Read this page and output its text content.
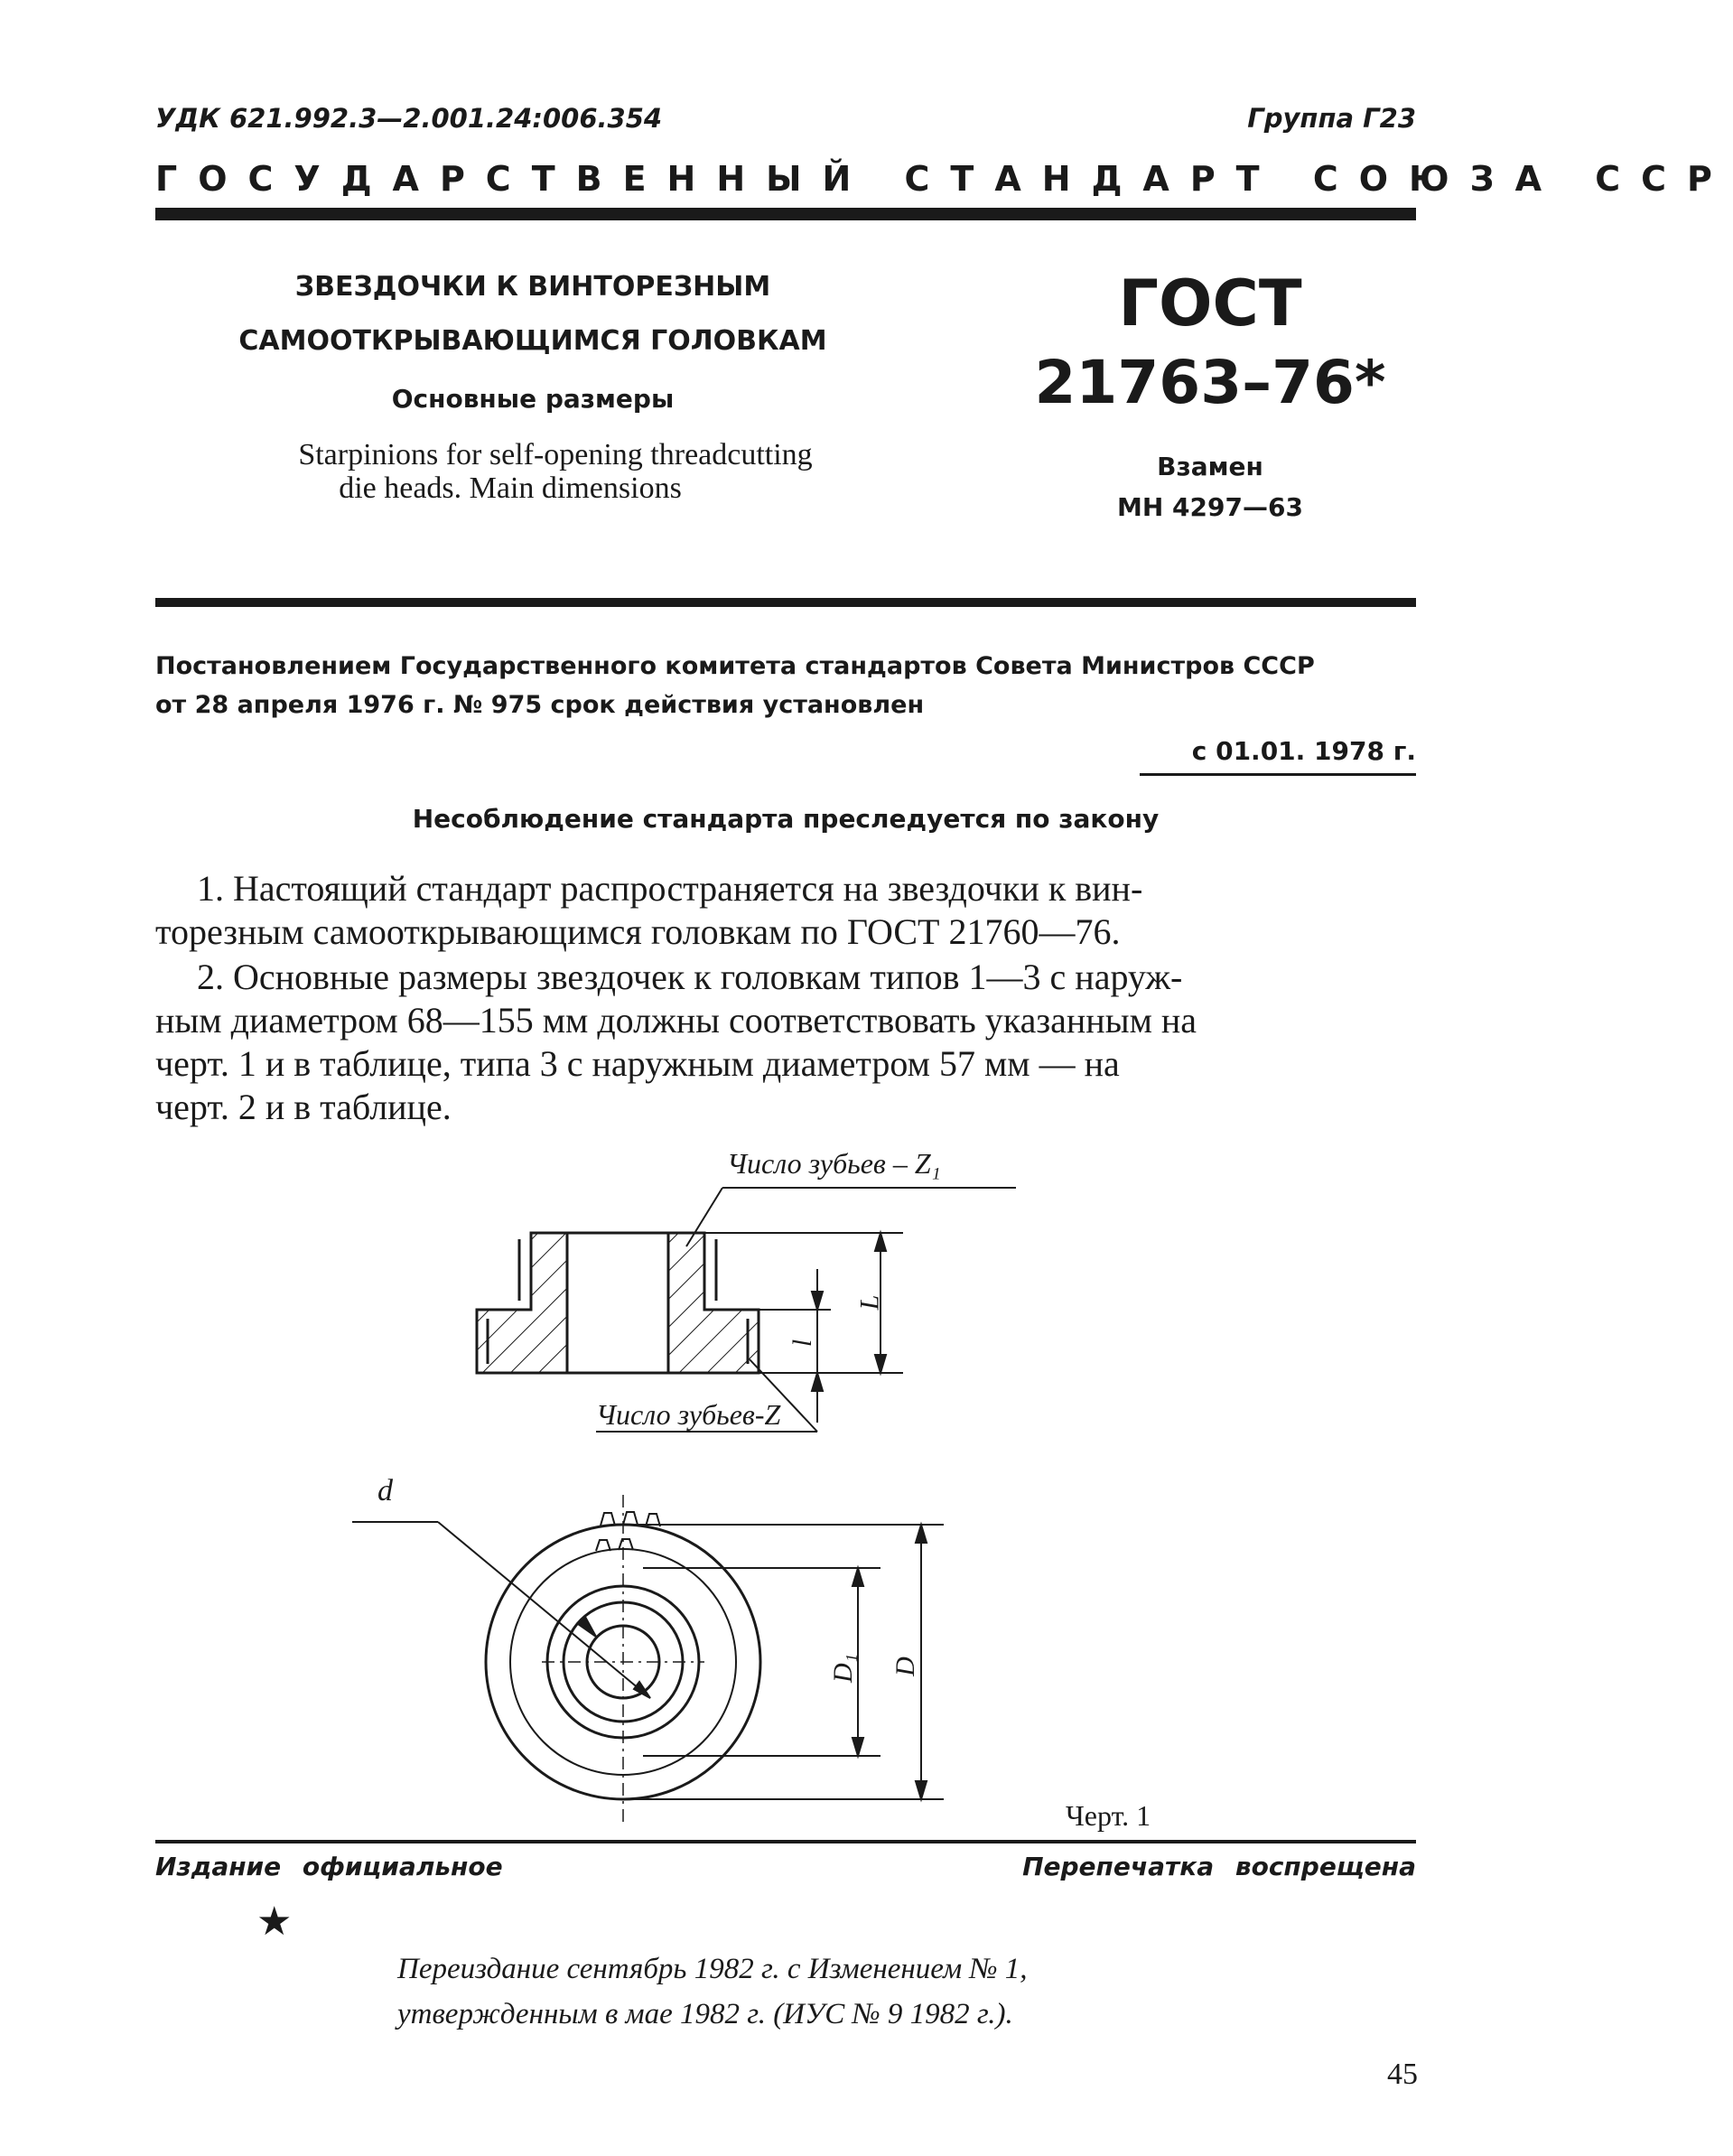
УДК 621.992.3—2.001.24:006.354	Группа Г23
ГОСУДАРСТВЕННЫЙ СТАНДАРТ СОЮЗА ССР
ЗВЕЗДОЧКИ К ВИНТОРЕЗНЫМ
САМООТКРЫВАЮЩИМСЯ ГОЛОВКАМ
Основные размеры
Starpinions for self-opening threadcutting
die heads. Main dimensions
ГОСТ
21763–76*
Взамен
МН 4297—63
Постановлением Государственного комитета стандартов Совета Министров СССР
от 28 апреля 1976 г. № 975 срок действия установлен
с 01.01. 1978 г.
Несоблюдение стандарта преследуется по закону
1. Настоящий стандарт распространяется на звездочки к вин-
торезным самооткрывающимся головкам по ГОСТ 21760—76.
2. Основные размеры звездочек к головкам типов 1—3 с наруж-
ным диаметром 68—155 мм должны соответствовать указанным на
черт. 1 и в таблице, типа 3 с наружным диаметром 57 мм — на
черт. 2 и в таблице.
Число зубьев – Z₁
Число зубьев-Z
L
l
d
D₁ D
Черт. 1
Издание официальное	Перепечатка воспрещена
★
Переиздание сентябрь 1982 г. с Изменением № 1,
утвержденным в мае 1982 г. (ИУС № 9 1982 г.).
45
